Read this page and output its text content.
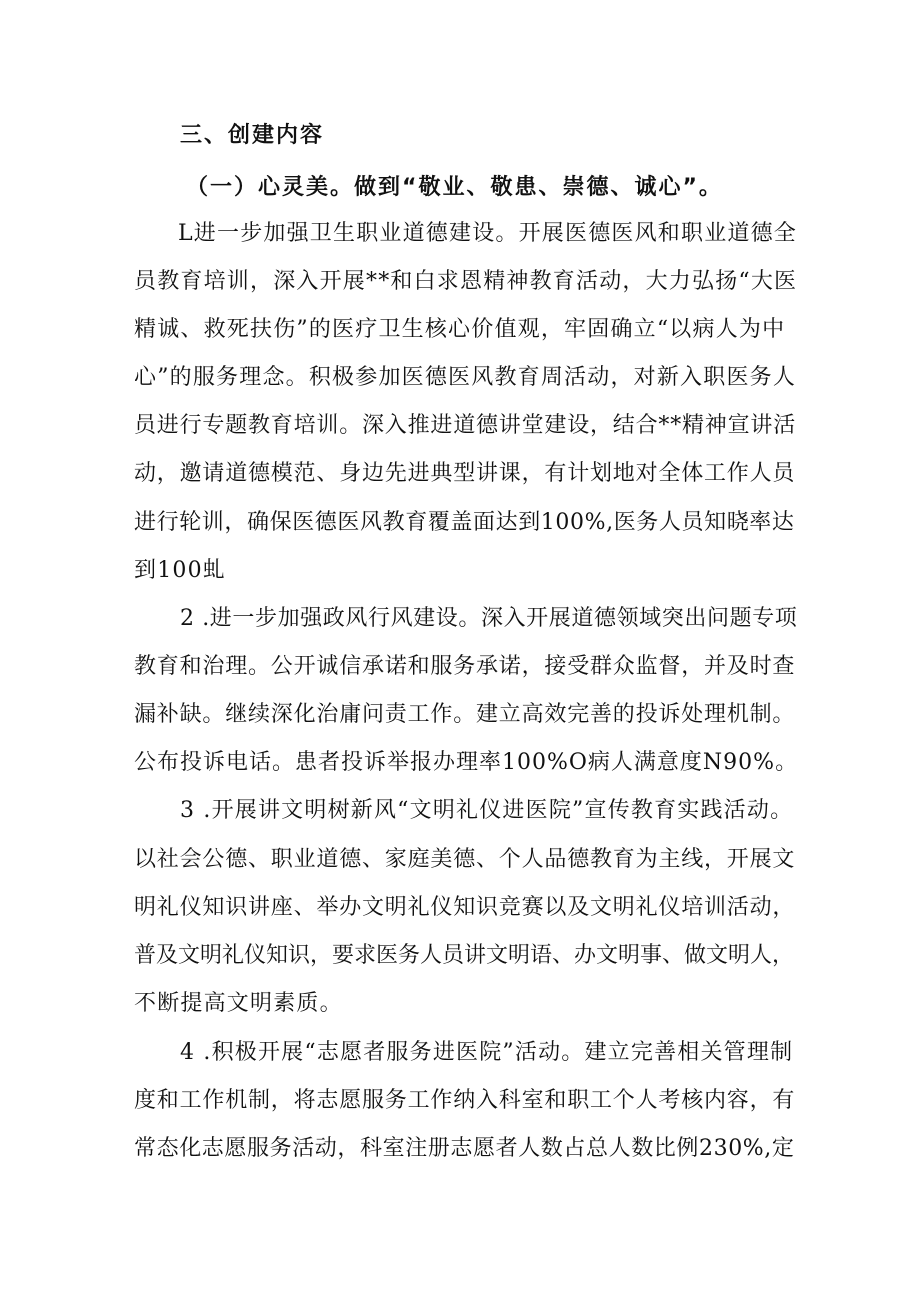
三、创建内容
（一）心灵美。做到“敬业、敬患、崇德、诚心”。
L进一步加强卫生职业道德建设。开展医德医风和职业道德全
员教育培训，深入开展**和白求恩精神教育活动，大力弘扬“大医
精诚、救死扶伤”的医疗卫生核心价值观，牢固确立“以病人为中
心”的服务理念。积极参加医德医风教育周活动，对新入职医务人
员进行专题教育培训。深入推进道德讲堂建设，结合**精神宣讲活
动，邀请道德模范、身边先进典型讲课，有计划地对全体工作人员
进行轮训，确保医德医风教育覆盖面达到100%,医务人员知晓率达
到100虬
2 .进一步加强政风行风建设。深入开展道德领域突出问题专项
教育和治理。公开诚信承诺和服务承诺，接受群众监督，并及时查
漏补缺。继续深化治庸问责工作。建立高效完善的投诉处理机制。
公布投诉电话。患者投诉举报办理率100%O病人满意度N90%。
3 .开展讲文明树新风“文明礼仪进医院”宣传教育实践活动。
以社会公德、职业道德、家庭美德、个人品德教育为主线，开展文
明礼仪知识讲座、举办文明礼仪知识竞赛以及文明礼仪培训活动，
普及文明礼仪知识，要求医务人员讲文明语、办文明事、做文明人，
不断提高文明素质。
4 .积极开展“志愿者服务进医院”活动。建立完善相关管理制
度和工作机制，将志愿服务工作纳入科室和职工个人考核内容，有
常态化志愿服务活动，科室注册志愿者人数占总人数比例230%,定
